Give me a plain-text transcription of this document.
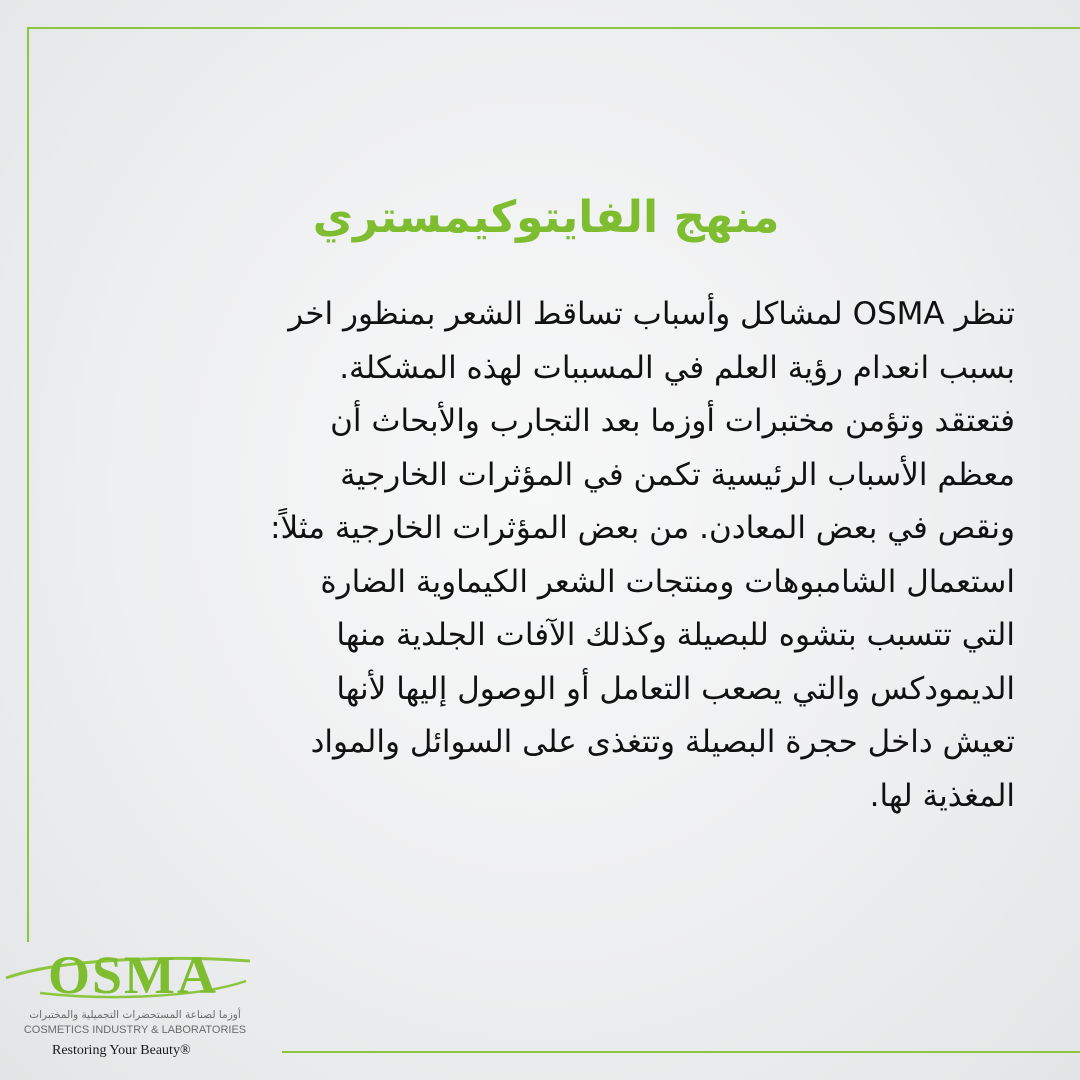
منهج الفايتوكيمستري
تنظر OSMA لمشاكل وأسباب تساقط الشعر بمنظور اخر
بسبب انعدام رؤية العلم في المسببات لهذه المشكلة.
فتعتقد وتؤمن مختبرات أوزما بعد التجارب والأبحاث أن
معظم الأسباب الرئيسية تكمن في المؤثرات الخارجية
ونقص في بعض المعادن. من بعض المؤثرات الخارجية مثلاً:
استعمال الشامبوهات ومنتجات الشعر الكيماوية الضارة
التي تتسبب بتشوه للبصيلة وكذلك الآفات الجلدية منها
الديمودكس والتي يصعب التعامل أو الوصول إليها لأنها
تعيش داخل حجرة البصيلة وتتغذى على السوائل والمواد
المغذية لها.
OSMA
أوزما لصناعة المستحضرات التجميلية والمختبرات
COSMETICS INDUSTRY & LABORATORIES
Restoring Your Beauty®
